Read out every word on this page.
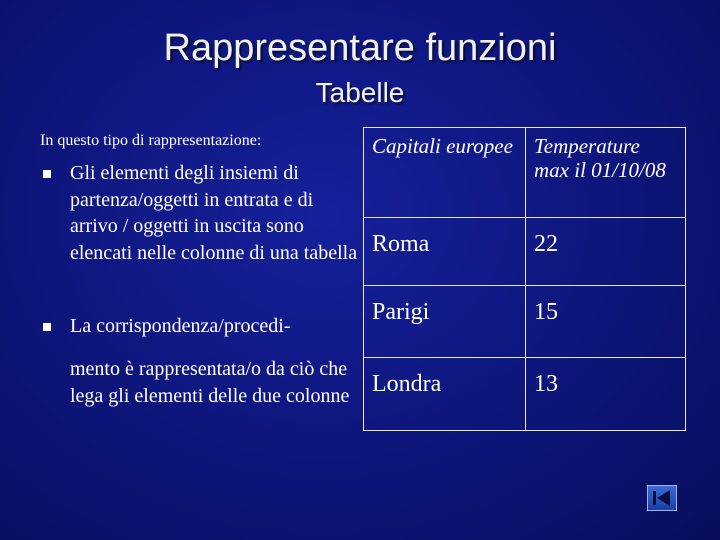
Rappresentare funzioni
Tabelle
In questo tipo di rappresentazione:
Gli elementi degli insiemi di partenza/oggetti in entrata e di arrivo / oggetti in uscita sono elencati nelle colonne di una tabella
La corrispondenza/procedi-
mento è rappresentata/o da ciò che lega gli elementi delle due colonne
Capitali europee	Temperature max il 01/10/08
Roma	22
Parigi	15
Londra	13
